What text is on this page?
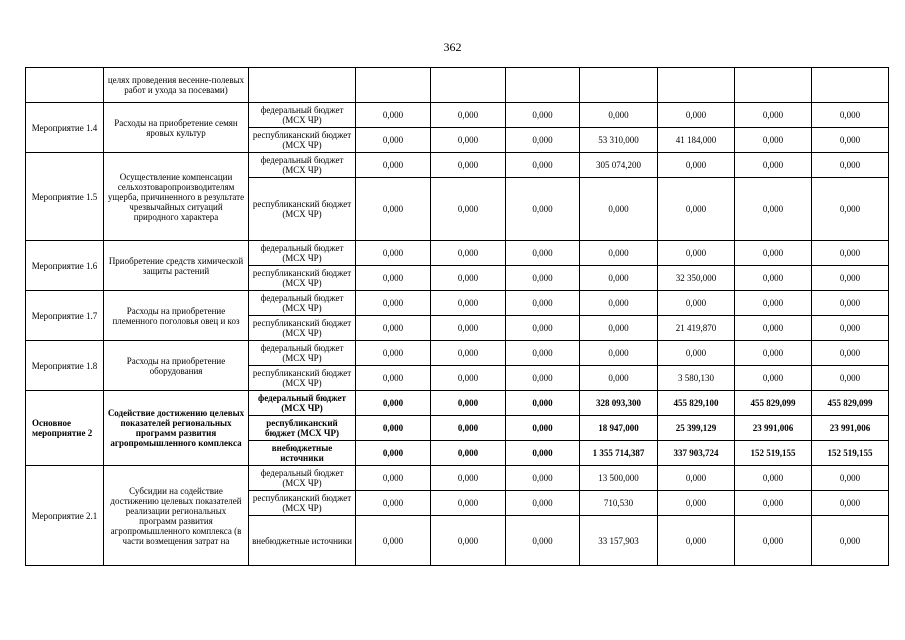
362
	целях проведения весенне-полевых работ и ухода за посевами)								
Мероприятие 1.4	Расходы на приобретение семян яровых культур	федеральный бюджет (МСХ ЧР)	0,000	0,000	0,000	0,000	0,000	0,000	0,000
		республиканский бюджет (МСХ ЧР)	0,000	0,000	0,000	53 310,000	41 184,000	0,000	0,000
Мероприятие 1.5	Осуществление компенсации сельхозтоваропроизводителям ущерба, причиненного в результате чрезвычайных ситуаций природного характера	федеральный бюджет (МСХ ЧР)	0,000	0,000	0,000	305 074,200	0,000	0,000	0,000
		республиканский бюджет (МСХ ЧР)	0,000	0,000	0,000	0,000	0,000	0,000	0,000
Мероприятие 1.6	Приобретение средств химической защиты растений	федеральный бюджет (МСХ ЧР)	0,000	0,000	0,000	0,000	0,000	0,000	0,000
		республиканский бюджет (МСХ ЧР)	0,000	0,000	0,000	0,000	32 350,000	0,000	0,000
Мероприятие 1.7	Расходы на приобретение племенного поголовья овец и коз	федеральный бюджет (МСХ ЧР)	0,000	0,000	0,000	0,000	0,000	0,000	0,000
		республиканский бюджет (МСХ ЧР)	0,000	0,000	0,000	0,000	21 419,870	0,000	0,000
Мероприятие 1.8	Расходы на приобретение оборудования	федеральный бюджет (МСХ ЧР)	0,000	0,000	0,000	0,000	0,000	0,000	0,000
		республиканский бюджет (МСХ ЧР)	0,000	0,000	0,000	0,000	3 580,130	0,000	0,000
Основное мероприятие 2	Содействие достижению целевых показателей региональных программ развития агропромышленного комплекса	федеральный бюджет (МСХ ЧР)	0,000	0,000	0,000	328 093,300	455 829,100	455 829,099	455 829,099
		республиканский бюджет (МСХ ЧР)	0,000	0,000	0,000	18 947,000	25 399,129	23 991,006	23 991,006
		внебюджетные источники	0,000	0,000	0,000	1 355 714,387	337 903,724	152 519,155	152 519,155
Мероприятие 2.1	Субсидии на содействие достижению целевых показателей реализации региональных программ развития агропромышленного комплекса (в части возмещения затрат на	федеральный бюджет (МСХ ЧР)	0,000	0,000	0,000	13 500,000	0,000	0,000	0,000
		республиканский бюджет (МСХ ЧР)	0,000	0,000	0,000	710,530	0,000	0,000	0,000
		внебюджетные источники	0,000	0,000	0,000	33 157,903	0,000	0,000	0,000
